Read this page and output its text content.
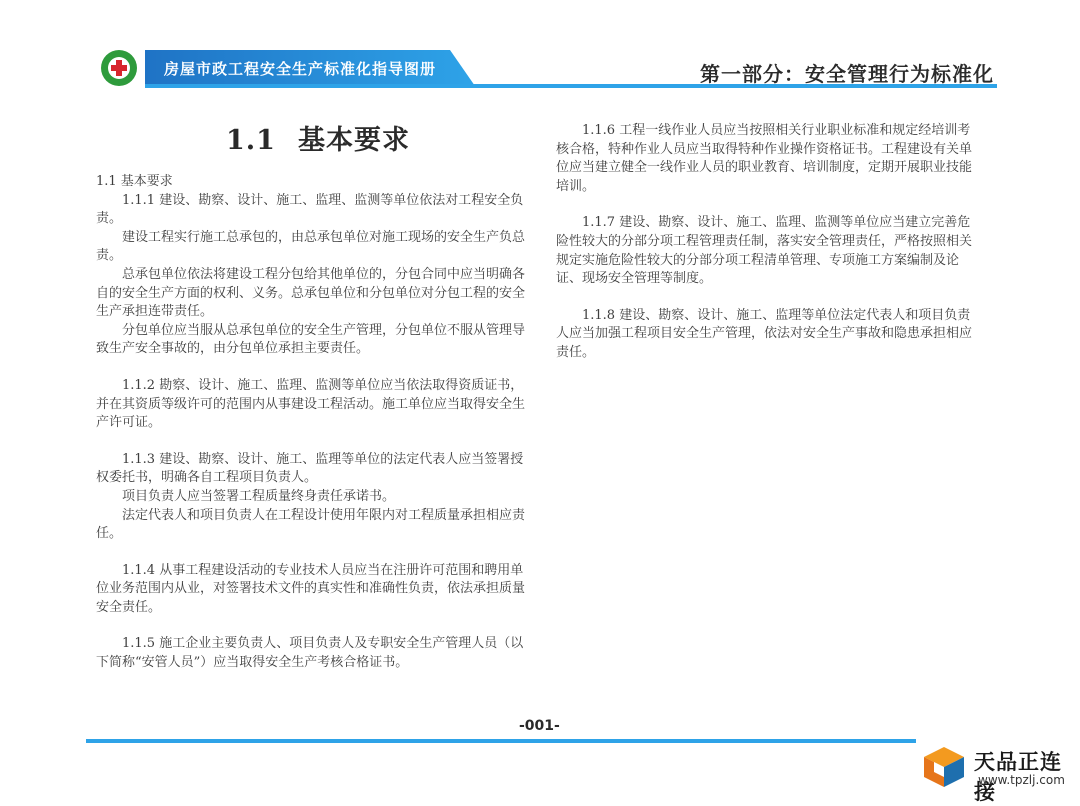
房屋市政工程安全生产标准化指导图册	第一部分：安全管理行为标准化
1.1 基本要求

1.1 基本要求

1.1.1 建设、勘察、设计、施工、监理、监测等单位依法对工程安全负责。

建设工程实行施工总承包的，由总承包单位对施工现场的安全生产负总责。

总承包单位依法将建设工程分包给其他单位的，分包合同中应当明确各自的安全生产方面的权利、义务。总承包单位和分包单位对分包工程的安全生产承担连带责任。

分包单位应当服从总承包单位的安全生产管理，分包单位不服从管理导致生产安全事故的，由分包单位承担主要责任。

1.1.2 勘察、设计、施工、监理、监测等单位应当依法取得资质证书，并在其资质等级许可的范围内从事建设工程活动。施工单位应当取得安全生产许可证。

1.1.3 建设、勘察、设计、施工、监理等单位的法定代表人应当签署授权委托书，明确各自工程项目负责人。

项目负责人应当签署工程质量终身责任承诺书。

法定代表人和项目负责人在工程设计使用年限内对工程质量承担相应责任。

1.1.4 从事工程建设活动的专业技术人员应当在注册许可范围和聘用单位业务范围内从业，对签署技术文件的真实性和准确性负责，依法承担质量安全责任。

1.1.5 施工企业主要负责人、项目负责人及专职安全生产管理人员（以下简称“安管人员”）应当取得安全生产考核合格证书。

1.1.6 工程一线作业人员应当按照相关行业职业标准和规定经培训考核合格，特种作业人员应当取得特种作业操作资格证书。工程建设有关单位应当建立健全一线作业人员的职业教育、培训制度，定期开展职业技能培训。

1.1.7 建设、勘察、设计、施工、监理、监测等单位应当建立完善危险性较大的分部分项工程管理责任制，落实安全管理责任，严格按照相关规定实施危险性较大的分部分项工程清单管理、专项施工方案编制及论证、现场安全管理等制度。

1.1.8 建设、勘察、设计、施工、监理等单位法定代表人和项目负责人应当加强工程项目安全生产管理，依法对安全生产事故和隐患承担相应责任。

-001-
天品正连接
www.tpzlj.com
